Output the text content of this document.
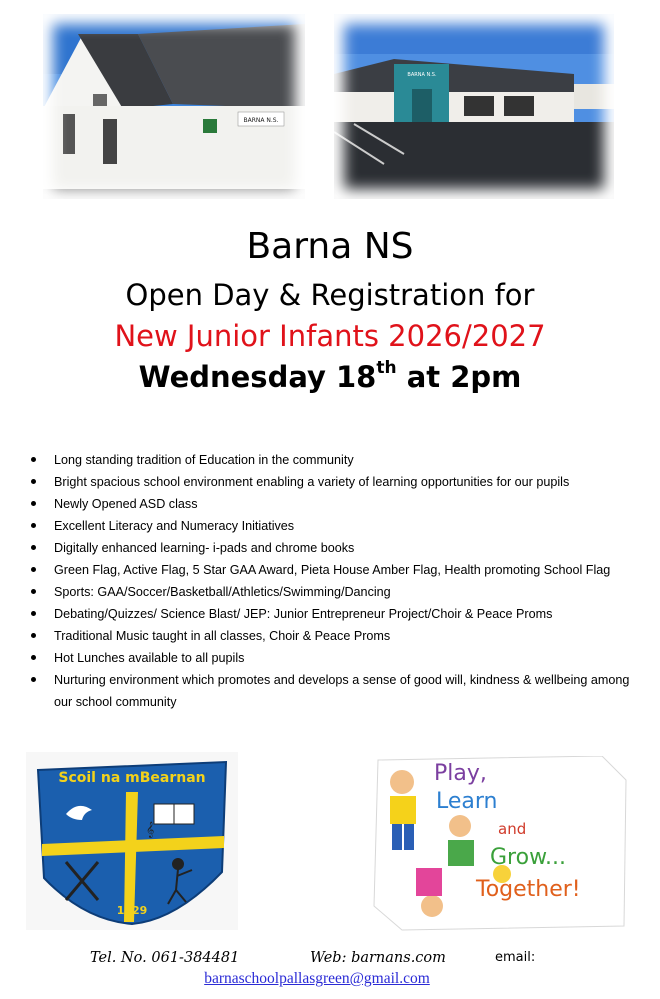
BARNA N.S.
BARNA N.S.
Barna NS
Open Day & Registration for
New Junior Infants 2026/2027
Wednesday 18th at 2pm
Long standing tradition of Education in the community
Bright spacious school environment enabling a variety of learning opportunities for our pupils
Newly Opened ASD class
Excellent Literacy and Numeracy Initiatives
Digitally enhanced learning- i-pads and chrome books
Green Flag, Active Flag, 5 Star GAA Award, Pieta House Amber Flag, Health promoting School Flag
Sports: GAA/Soccer/Basketball/Athletics/Swimming/Dancing
Debating/Quizzes/ Science Blast/ JEP: Junior Entrepreneur Project/Choir & Peace Proms
Traditional Music taught in all classes, Choir & Peace Proms
Hot Lunches available to all pupils
Nurturing environment which promotes and develops a sense of good will, kindness & wellbeing among our school community
Scoil na mBearnan
𝄞
1929
Play,
Learn
and
Grow...
Together!
Tel. No. 061-384481	Web: barnans.com	email:
barnaschoolpallasgreen@gmail.com
